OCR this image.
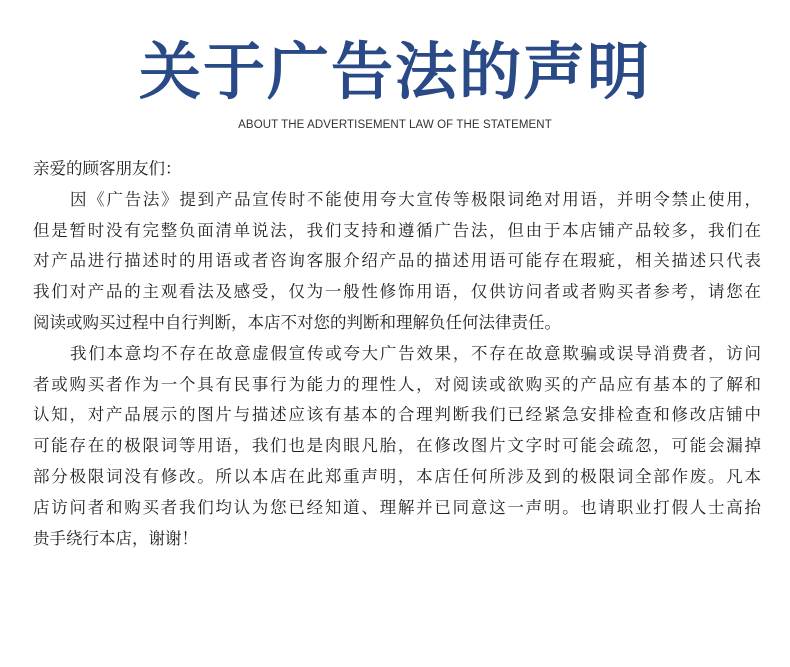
关于广告法的声明
ABOUT THE ADVERTISEMENT LAW OF THE STATEMENT
亲爱的顾客朋友们：
因《广告法》提到产品宣传时不能使用夸大宣传等极限词绝对用语，并明令禁止使用，
但是暂时没有完整负面清单说法，我们支持和遵循广告法，但由于本店铺产品较多，我们在
对产品进行描述时的用语或者咨询客服介绍产品的描述用语可能存在瑕疵，相关描述只代表
我们对产品的主观看法及感受，仅为一般性修饰用语，仅供访问者或者购买者参考，请您在
阅读或购买过程中自行判断，本店不对您的判断和理解负任何法律责任。
我们本意均不存在故意虚假宣传或夸大广告效果，不存在故意欺骗或误导消费者，访问
者或购买者作为一个具有民事行为能力的理性人，对阅读或欲购买的产品应有基本的了解和
认知，对产品展示的图片与描述应该有基本的合理判断我们已经紧急安排检查和修改店铺中
可能存在的极限词等用语，我们也是肉眼凡胎，在修改图片文字时可能会疏忽，可能会漏掉
部分极限词没有修改。所以本店在此郑重声明，本店任何所涉及到的极限词全部作废。凡本
店访问者和购买者我们均认为您已经知道、理解并已同意这一声明。也请职业打假人士高抬
贵手绕行本店，谢谢！
